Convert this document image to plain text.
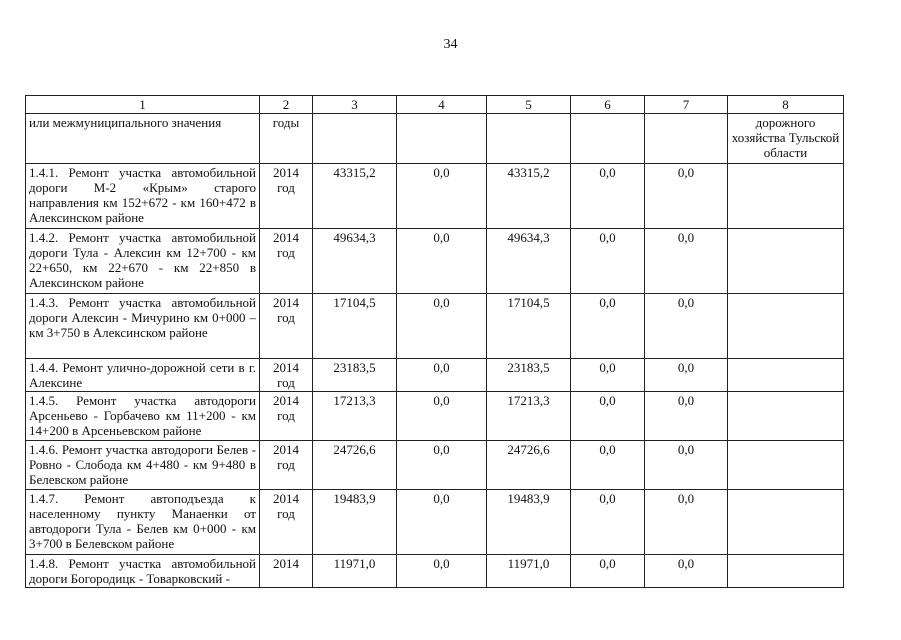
34
1	2	3	4	5	6	7	8
или межмуниципального значения	годы						дорожного хозяйства Тульской области
1.4.1. Ремонт участка автомобильной дороги М-2 «Крым» старого направления км 152+672 - км 160+472 в Алексинском районе	2014 год	43315,2	0,0	43315,2	0,0	0,0	
1.4.2. Ремонт участка автомобильной дороги Тула - Алексин км 12+700 - км 22+650, км 22+670 - км 22+850 в Алексинском районе	2014 год	49634,3	0,0	49634,3	0,0	0,0	
1.4.3. Ремонт участка автомобильной дороги Алексин - Мичурино км 0+000 – км 3+750 в Алексинском районе	2014 год	17104,5	0,0	17104,5	0,0	0,0	
1.4.4. Ремонт улично-дорожной сети в г. Алексине	2014 год	23183,5	0,0	23183,5	0,0	0,0	
1.4.5. Ремонт участка автодороги Арсеньево - Горбачево км 11+200 - км 14+200 в Арсеньевском районе	2014 год	17213,3	0,0	17213,3	0,0	0,0	
1.4.6. Ремонт участка автодороги Белев - Ровно - Слобода км 4+480 - км 9+480 в Белевском районе	2014 год	24726,6	0,0	24726,6	0,0	0,0	
1.4.7. Ремонт автоподъезда к населенному пункту Манаенки от автодороги Тула - Белев км 0+000 - км 3+700 в Белевском районе	2014 год	19483,9	0,0	19483,9	0,0	0,0	
1.4.8. Ремонт участка автомобильной дороги Богородицк - Товарковский -	2014	11971,0	0,0	11971,0	0,0	0,0	
